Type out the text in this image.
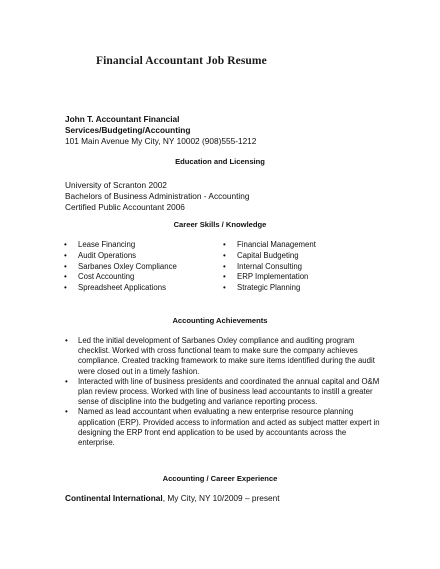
Financial Accountant Job Resume
John T. Accountant Financial
Services/Budgeting/Accounting
101 Main Avenue My City, NY 10002 (908)555-1212
Education and Licensing
University of Scranton 2002
Bachelors of Business Administration - Accounting
Certified Public Accountant 2006
Career Skills / Knowledge
• Lease Financing
• Audit Operations
• Sarbanes Oxley Compliance
• Cost Accounting
• Spreadsheet Applications
• Financial Management
• Capital Budgeting
• Internal Consulting
• ERP Implementation
• Strategic Planning
Accounting Achievements
• Led the initial development of Sarbanes Oxley compliance and auditing program checklist. Worked with cross functional team to make sure the company achieves compliance. Created tracking framework to make sure items identified during the audit were closed out in a timely fashion.
• Interacted with line of business presidents and coordinated the annual capital and O&M plan review process. Worked with line of business lead accountants to instill a greater sense of discipline into the budgeting and variance reporting process.
• Named as lead accountant when evaluating a new enterprise resource planning application (ERP). Provided access to information and acted as subject matter expert in designing the ERP front end application to be used by accountants across the enterprise.
Accounting / Career Experience
Continental International, My City, NY 10/2009 – present
